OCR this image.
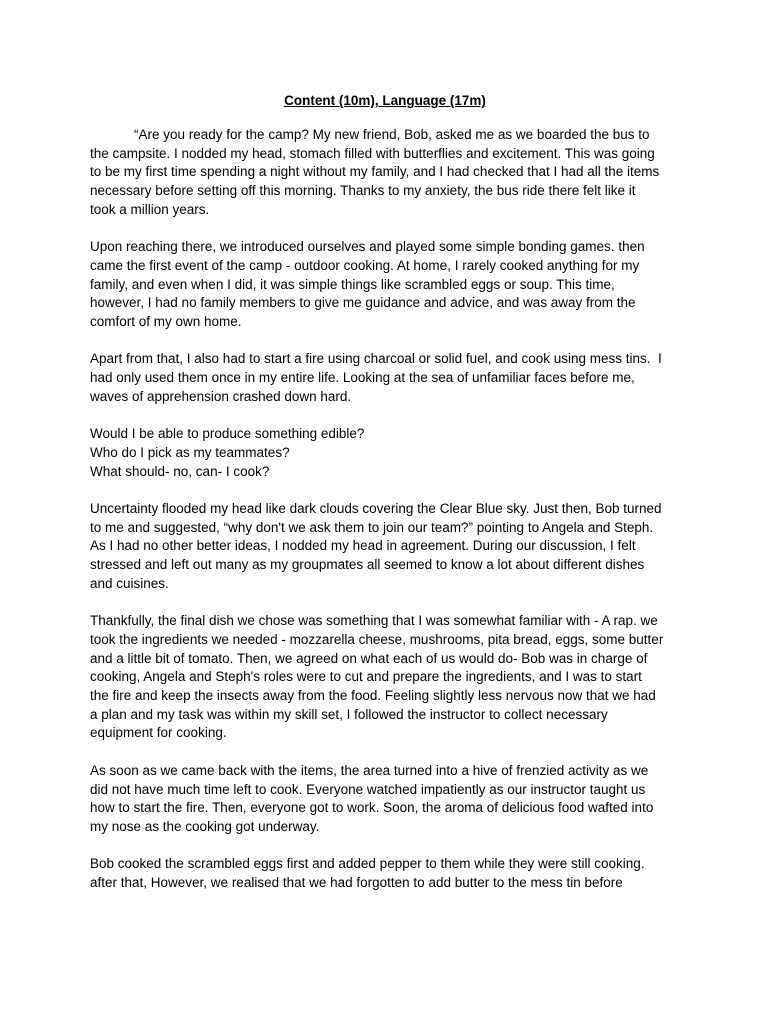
Content (10m), Language (17m)
“Are you ready for the camp? My new friend, Bob, asked me as we boarded the bus to
the campsite. I nodded my head, stomach filled with butterflies and excitement. This was going
to be my first time spending a night without my family, and I had checked that I had all the items
necessary before setting off this morning. Thanks to my anxiety, the bus ride there felt like it
took a million years.
Upon reaching there, we introduced ourselves and played some simple bonding games. then
came the first event of the camp - outdoor cooking. At home, I rarely cooked anything for my
family, and even when I did, it was simple things like scrambled eggs or soup. This time,
however, I had no family members to give me guidance and advice, and was away from the
comfort of my own home.
Apart from that, I also had to start a fire using charcoal or solid fuel, and cook using mess tins.  I
had only used them once in my entire life. Looking at the sea of unfamiliar faces before me,
waves of apprehension crashed down hard.
Would I be able to produce something edible?
Who do I pick as my teammates?
What should- no, can- I cook?
Uncertainty flooded my head like dark clouds covering the Clear Blue sky. Just then, Bob turned
to me and suggested, “why don't we ask them to join our team?” pointing to Angela and Steph.
As I had no other better ideas, I nodded my head in agreement. During our discussion, I felt
stressed and left out many as my groupmates all seemed to know a lot about different dishes
and cuisines.
Thankfully, the final dish we chose was something that I was somewhat familiar with - A rap. we
took the ingredients we needed - mozzarella cheese, mushrooms, pita bread, eggs, some butter
and a little bit of tomato. Then, we agreed on what each of us would do- Bob was in charge of
cooking, Angela and Steph's roles were to cut and prepare the ingredients, and I was to start
the fire and keep the insects away from the food. Feeling slightly less nervous now that we had
a plan and my task was within my skill set, I followed the instructor to collect necessary
equipment for cooking.
As soon as we came back with the items, the area turned into a hive of frenzied activity as we
did not have much time left to cook. Everyone watched impatiently as our instructor taught us
how to start the fire. Then, everyone got to work. Soon, the aroma of delicious food wafted into
my nose as the cooking got underway.
Bob cooked the scrambled eggs first and added pepper to them while they were still cooking.
after that, However, we realised that we had forgotten to add butter to the mess tin before
